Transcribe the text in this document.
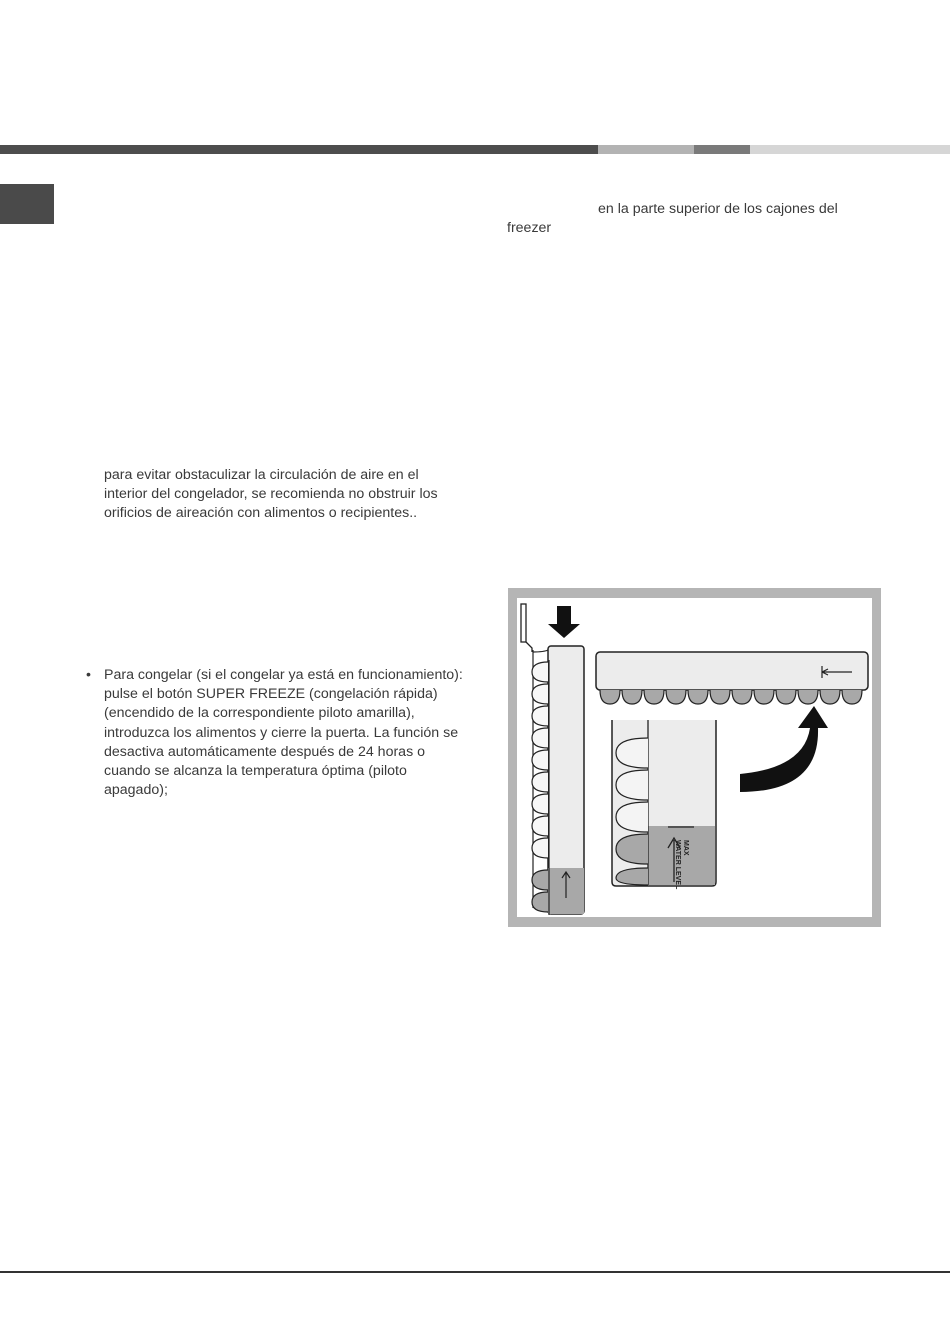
en la parte superior de los cajones del
freezer
para evitar obstaculizar la circulación de aire en el interior del congelador, se recomienda no obstruir los orificios de aireación con alimentos o recipientes..
• Para congelar (si el congelar ya está en funcionamiento):
pulse el botón SUPER FREEZE (congelación rápida) (encendido de la correspondiente piloto amarilla), introduzca los alimentos y cierre la puerta. La función se desactiva automáticamente después de 24 horas o cuando se alcanza la temperatura óptima (piloto apagado);
MAX
WATER LEVEL
